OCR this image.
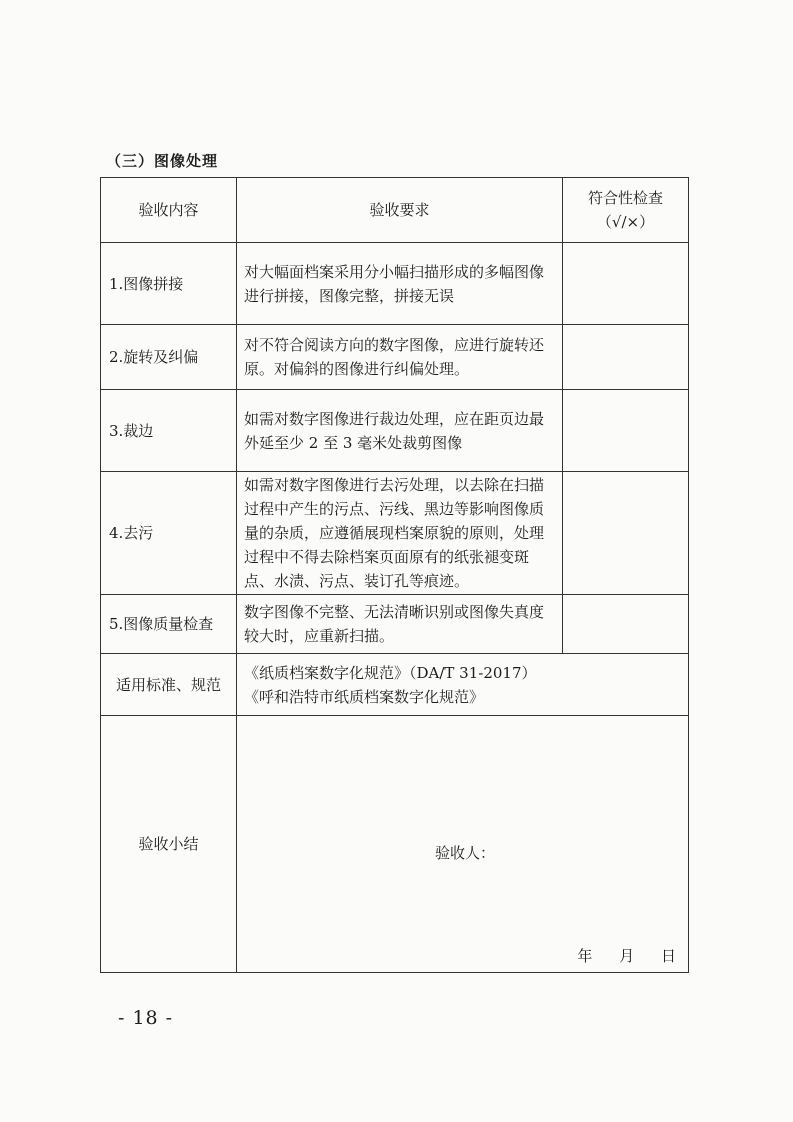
（三）图像处理
验收内容	验收要求	符合性检查
（√/×）

1.图像拼接	对大幅面档案采用分小幅扫描形成的多幅图像进行拼接，图像完整，拼接无误	
2.旋转及纠偏	对不符合阅读方向的数字图像，应进行旋转还原。对偏斜的图像进行纠偏处理。	
3.裁边	如需对数字图像进行裁边处理，应在距页边最外延至少 2 至 3 毫米处裁剪图像	
4.去污	如需对数字图像进行去污处理，以去除在扫描过程中产生的污点、污线、黑边等影响图像质量的杂质，应遵循展现档案原貌的原则，处理过程中不得去除档案页面原有的纸张褪变斑点、水渍、污点、装订孔等痕迹。	
5.图像质量检查	数字图像不完整、无法清晰识别或图像失真度较大时，应重新扫描。	
适用标准、规范	《纸质档案数字化规范》（DA/T 31-2017）
《呼和浩特市纸质档案数字化规范》	

验收小结	验收人：
年 月 日	
- 18 -
